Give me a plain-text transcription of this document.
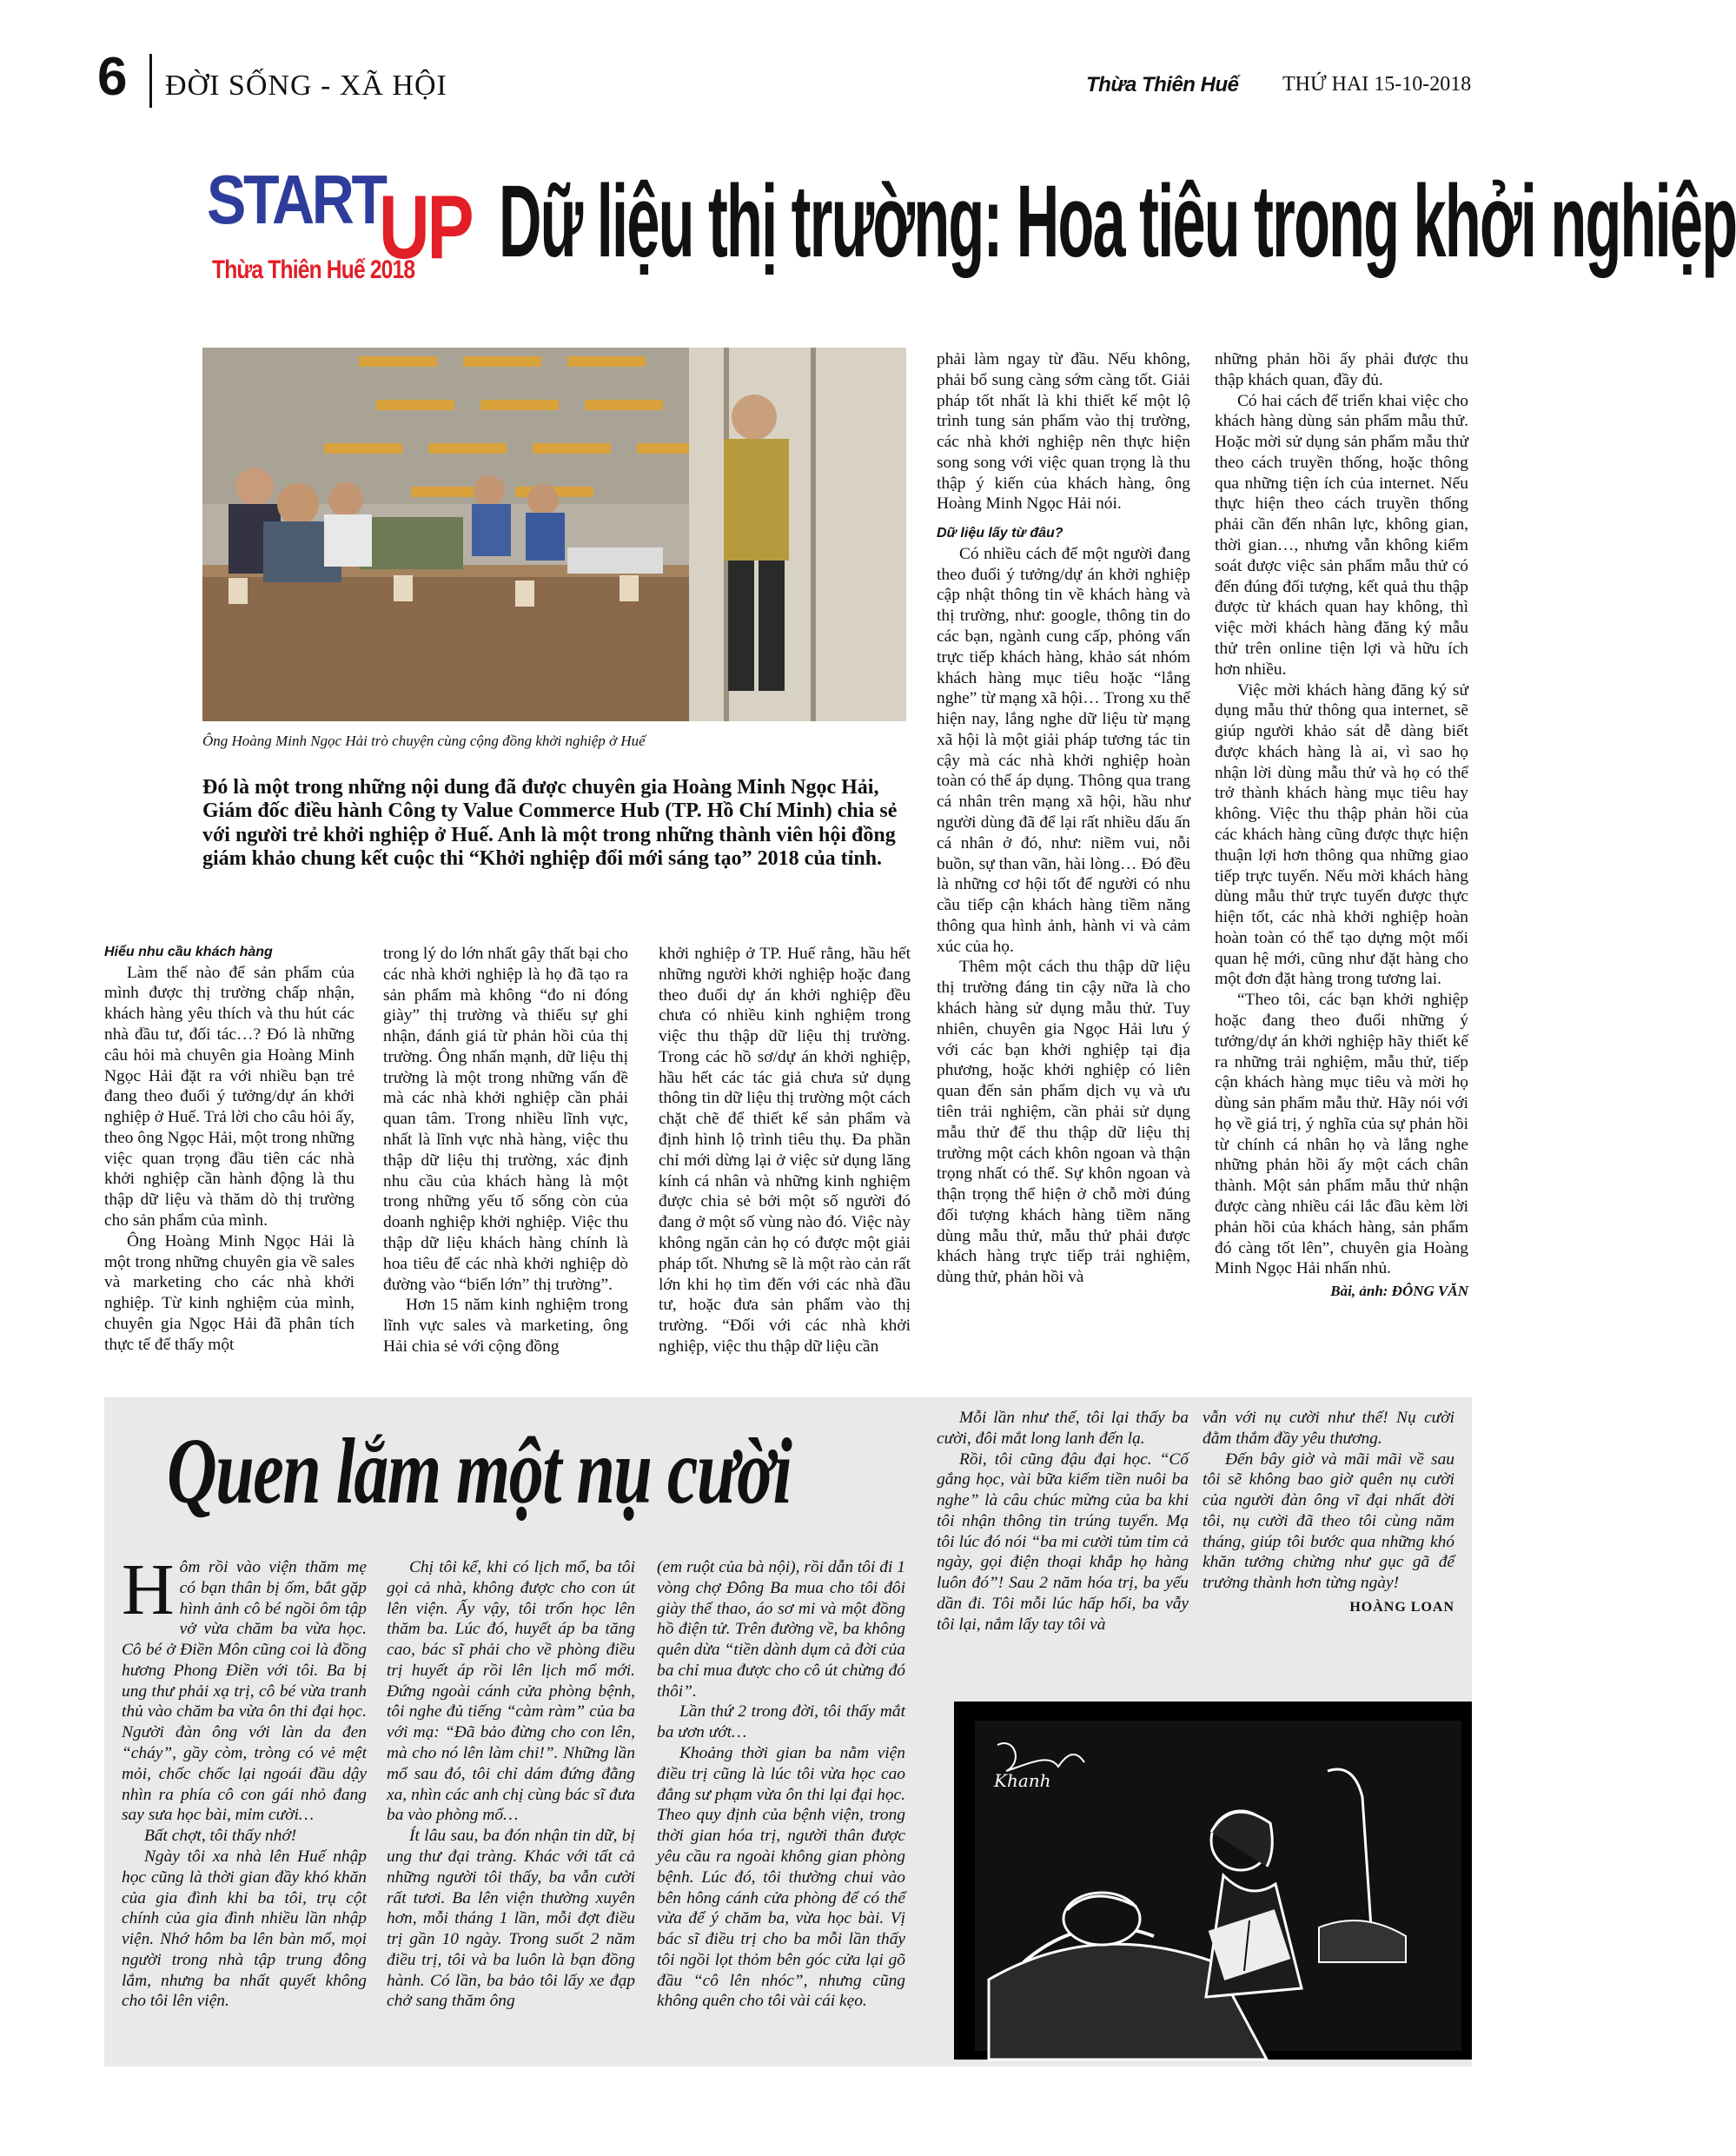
6 ĐỜI SỐNG - XÃ HỘI	Thừa Thiên Huế THỨ HAI 15-10-2018
START
UP
Thừa Thiên Huế 2018 Dữ liệu thị trường: Hoa tiêu trong khởi nghiệp
Ông Hoàng Minh Ngọc Hải trò chuyện cùng cộng đồng khởi nghiệp ở Huế
Đó là một trong những nội dung đã được chuyên gia Hoàng Minh Ngọc Hải, Giám đốc điều hành Công ty Value Commerce Hub (TP. Hồ Chí Minh) chia sẻ với người trẻ khởi nghiệp ở Huế. Anh là một trong những thành viên hội đồng giám khảo chung kết cuộc thi “Khởi nghiệp đổi mới sáng tạo” 2018 của tỉnh.

Hiểu nhu cầu khách hàng

Làm thế nào để sản phẩm của mình được thị trường chấp nhận, khách hàng yêu thích và thu hút các nhà đầu tư, đối tác…? Đó là những câu hỏi mà chuyên gia Hoàng Minh Ngọc Hải đặt ra với nhiều bạn trẻ đang theo đuổi ý tưởng/dự án khởi nghiệp ở Huế. Trả lời cho câu hỏi ấy, theo ông Ngọc Hải, một trong những việc quan trọng đầu tiên các nhà khởi nghiệp cần hành động là thu thập dữ liệu và thăm dò thị trường cho sản phẩm của mình.

Ông Hoàng Minh Ngọc Hải là một trong những chuyên gia về sales và marketing cho các nhà khởi nghiệp. Từ kinh nghiệm của mình, chuyên gia Ngọc Hải đã phân tích thực tế để thấy một

trong lý do lớn nhất gây thất bại cho các nhà khởi nghiệp là họ đã tạo ra sản phẩm mà không “đo ni đóng giày” thị trường và thiếu sự ghi nhận, đánh giá từ phản hồi của thị trường. Ông nhấn mạnh, dữ liệu thị trường là một trong những vấn đề mà các nhà khởi nghiệp cần phải quan tâm. Trong nhiều lĩnh vực, nhất là lĩnh vực nhà hàng, việc thu thập dữ liệu thị trường, xác định nhu cầu của khách hàng là một trong những yếu tố sống còn của doanh nghiệp khởi nghiệp. Việc thu thập dữ liệu khách hàng chính là hoa tiêu để các nhà khởi nghiệp dò đường vào “biển lớn” thị trường”.

Hơn 15 năm kinh nghiệm trong lĩnh vực sales và marketing, ông Hải chia sẻ với cộng đồng

khởi nghiệp ở TP. Huế rằng, hầu hết những người khởi nghiệp hoặc đang theo đuổi dự án khởi nghiệp đều chưa có nhiều kinh nghiệm trong việc thu thập dữ liệu thị trường. Trong các hồ sơ/dự án khởi nghiệp, hầu hết các tác giả chưa sử dụng thông tin dữ liệu thị trường một cách chặt chẽ để thiết kế sản phẩm và định hình lộ trình tiêu thụ. Đa phần chỉ mới dừng lại ở việc sử dụng lăng kính cá nhân và những kinh nghiệm được chia sẻ bởi một số người đó đang ở một số vùng nào đó. Việc này không ngăn cản họ có được một giải pháp tốt. Nhưng sẽ là một rào cản rất lớn khi họ tìm đến với các nhà đầu tư, hoặc đưa sản phẩm vào thị trường. “Đối với các nhà khởi nghiệp, việc thu thập dữ liệu cần

phải làm ngay từ đầu. Nếu không, phải bổ sung càng sớm càng tốt. Giải pháp tốt nhất là khi thiết kế một lộ trình tung sản phẩm vào thị trường, các nhà khởi nghiệp nên thực hiện song song với việc quan trọng là thu thập ý kiến của khách hàng, ông Hoàng Minh Ngọc Hải nói.

Dữ liệu lấy từ đâu?

Có nhiều cách để một người đang theo đuổi ý tưởng/dự án khởi nghiệp cập nhật thông tin về khách hàng và thị trường, như: google, thông tin do các bạn, ngành cung cấp, phỏng vấn trực tiếp khách hàng, khảo sát nhóm khách hàng mục tiêu hoặc “lắng nghe” từ mạng xã hội… Trong xu thế hiện nay, lắng nghe dữ liệu từ mạng xã hội là một giải pháp tương tác tin cậy mà các nhà khởi nghiệp hoàn toàn có thể áp dụng. Thông qua trang cá nhân trên mạng xã hội, hầu như người dùng đã để lại rất nhiều dấu ấn cá nhân ở đó, như: niềm vui, nỗi buồn, sự than vãn, hài lòng… Đó đều là những cơ hội tốt để người có nhu cầu tiếp cận khách hàng tiềm năng thông qua hình ảnh, hành vi và cảm xúc của họ.

Thêm một cách thu thập dữ liệu thị trường đáng tin cậy nữa là cho khách hàng sử dụng mẫu thử. Tuy nhiên, chuyên gia Ngọc Hải lưu ý với các bạn khởi nghiệp tại địa phương, hoặc khởi nghiệp có liên quan đến sản phẩm dịch vụ và ưu tiên trải nghiệm, cần phải sử dụng mẫu thử để thu thập dữ liệu thị trường một cách khôn ngoan và thận trọng nhất có thể. Sự khôn ngoan và thận trọng thể hiện ở chỗ mời đúng đối tượng khách hàng tiềm năng dùng mẫu thử, mẫu thử phải được khách hàng trực tiếp trải nghiệm, dùng thử, phản hồi và

những phản hồi ấy phải được thu thập khách quan, đầy đủ.

Có hai cách để triển khai việc cho khách hàng dùng sản phẩm mẫu thử. Hoặc mời sử dụng sản phẩm mẫu thử theo cách truyền thống, hoặc thông qua những tiện ích của internet. Nếu thực hiện theo cách truyền thống phải cần đến nhân lực, không gian, thời gian…, nhưng vẫn không kiểm soát được việc sản phẩm mẫu thử có đến đúng đối tượng, kết quả thu thập được từ khách quan hay không, thì việc mời khách hàng đăng ký mẫu thử trên online tiện lợi và hữu ích hơn nhiều.

Việc mời khách hàng đăng ký sử dụng mẫu thử thông qua internet, sẽ giúp người khảo sát dễ dàng biết được khách hàng là ai, vì sao họ nhận lời dùng mẫu thử và họ có thể trở thành khách hàng mục tiêu hay không. Việc thu thập phản hồi của các khách hàng cũng được thực hiện thuận lợi hơn thông qua những giao tiếp trực tuyến. Nếu mời khách hàng dùng mẫu thử trực tuyến được thực hiện tốt, các nhà khởi nghiệp hoàn hoàn toàn có thể tạo dựng một mối quan hệ mới, cũng như đặt hàng cho một đơn đặt hàng trong tương lai.

“Theo tôi, các bạn khởi nghiệp hoặc đang theo đuổi những ý tưởng/dự án khởi nghiệp hãy thiết kế ra những trải nghiệm, mẫu thử, tiếp cận khách hàng mục tiêu và mời họ dùng sản phẩm mẫu thử. Hãy nói với họ về giá trị, ý nghĩa của sự phản hồi từ chính cá nhân họ và lắng nghe những phản hồi ấy một cách chân thành. Một sản phẩm mẫu thử nhận được càng nhiều cái lắc đầu kèm lời phản hồi của khách hàng, sản phẩm đó càng tốt lên”, chuyên gia Hoàng Minh Ngọc Hải nhấn nhủ.

Bài, ảnh: ĐÔNG VĂN
Quen lắm một nụ cười

Hôm rồi vào viện thăm mẹ có bạn thân bị ốm, bắt gặp hình ảnh cô bé ngồi ôm tập vở vừa chăm ba vừa học. Cô bé ở Điền Môn cũng coi là đồng hương Phong Điền với tôi. Ba bị ung thư phải xạ trị, cô bé vừa tranh thủ vào chăm ba vừa ôn thi đại học. Người đàn ông với làn da đen “cháy”, gầy còm, tròng có vẻ mệt mỏi, chốc chốc lại ngoái đầu dậy nhìn ra phía cô con gái nhỏ đang say sưa học bài, mỉm cười…

Bất chợt, tôi thấy nhớ!

Ngày tôi xa nhà lên Huế nhập học cũng là thời gian đầy khó khăn của gia đình khi ba tôi, trụ cột chính của gia đình nhiều lần nhập viện. Nhớ hôm ba lên bàn mổ, mọi người trong nhà tập trung đông lắm, nhưng ba nhất quyết không cho tôi lên viện.

Chị tôi kể, khi có lịch mổ, ba tôi gọi cả nhà, không được cho con út lên viện. Ấy vậy, tôi trốn học lên thăm ba. Lúc đó, huyết áp ba tăng cao, bác sĩ phải cho về phòng điều trị huyết áp rồi lên lịch mổ mới. Đứng ngoài cánh cửa phòng bệnh, tôi nghe đủ tiếng “càm ràm” của ba với mạ: “Đã bảo đừng cho con lên, mà cho nó lên làm chi!”. Những lần mổ sau đó, tôi chỉ dám đứng đằng xa, nhìn các anh chị cùng bác sĩ đưa ba vào phòng mổ…

Ít lâu sau, ba đón nhận tin dữ, bị ung thư đại tràng. Khác với tất cả những người tôi thấy, ba vẫn cười rất tươi. Ba lên viện thường xuyên hơn, mỗi tháng 1 lần, mỗi đợt điều trị gần 10 ngày. Trong suốt 2 năm điều trị, tôi và ba luôn là bạn đồng hành. Có lần, ba bảo tôi lấy xe đạp chở sang thăm ông

(em ruột của bà nội), rồi dẫn tôi đi 1 vòng chợ Đông Ba mua cho tôi đôi giày thể thao, áo sơ mi và một đồng hồ điện tử. Trên đường về, ba không quên dừa “tiền dành dụm cả đời của ba chỉ mua được cho cô út chừng đó thôi”.

Lần thứ 2 trong đời, tôi thấy mắt ba ươn ướt…

Khoảng thời gian ba nằm viện điều trị cũng là lúc tôi vừa học cao đẳng sư phạm vừa ôn thi lại đại học. Theo quy định của bệnh viện, trong thời gian hóa trị, người thân được yêu cầu ra ngoài không gian phòng bệnh. Lúc đó, tôi thường chui vào bên hông cánh cửa phòng để có thể vừa để ý chăm ba, vừa học bài. Vị bác sĩ điều trị cho ba mỗi lần thấy tôi ngồi lọt thỏm bên góc cửa lại gõ đầu “cô lên nhóc”, nhưng cũng không quên cho tôi vài cái kẹo.

Mỗi lần như thế, tôi lại thấy ba cười, đôi mắt long lanh đến lạ.

Rồi, tôi cũng đậu đại học. “Cố gắng học, vài bữa kiếm tiền nuôi ba nghe” là câu chúc mừng của ba khi tôi nhận thông tin trúng tuyển. Mạ tôi lúc đó nói “ba mi cười tủm tỉm cả ngày, gọi điện thoại khắp họ hàng luôn đó”! Sau 2 năm hóa trị, ba yếu dần đi. Tôi mỗi lúc hấp hối, ba vẫy tôi lại, nắm lấy tay tôi và

vẫn với nụ cười như thế! Nụ cười đằm thắm đầy yêu thương.

Đến bây giờ và mãi mãi về sau tôi sẽ không bao giờ quên nụ cười của người đàn ông vĩ đại nhất đời tôi, nụ cười đã theo tôi cùng năm tháng, giúp tôi bước qua những khó khăn tưởng chừng như gục gã để trưởng thành hơn từng ngày!

HOÀNG LOAN
Khanh
